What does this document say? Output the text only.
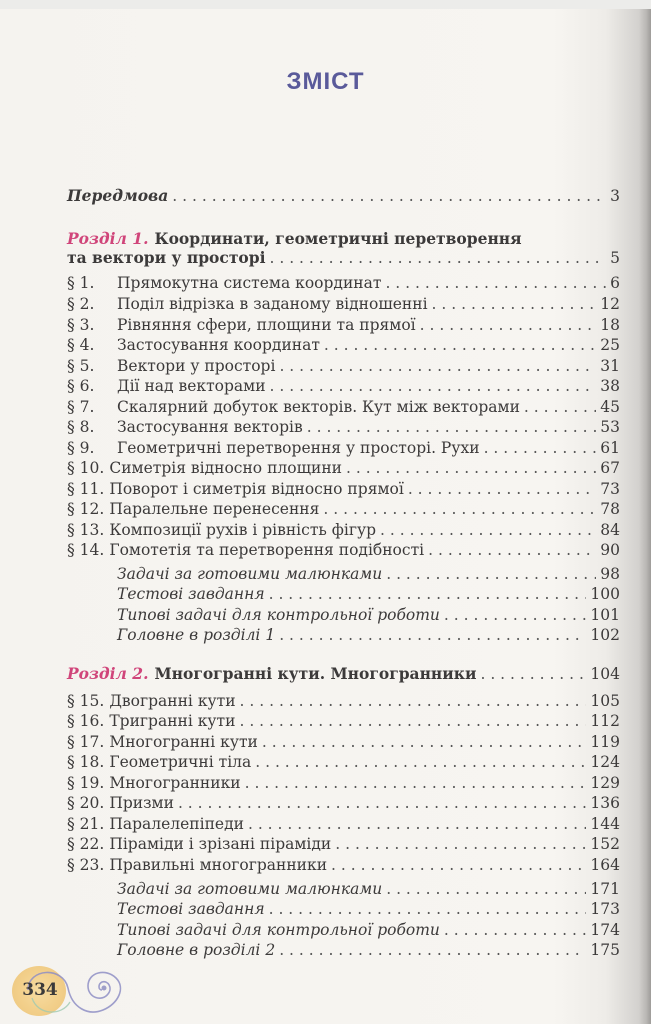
ЗМІСТ
Передмова . . .	3
Розділ 1. Координати, геометричні перетворення
та вектори у просторі . . .	5
§ 1.	Прямокутна система координат . . .	6
§ 2.	Поділ відрізка в заданому відношенні . . .	12
§ 3.	Рівняння сфери, площини та прямої . . .	18
§ 4.	Застосування координат . . .	25
§ 5.	Вектори у просторі . . .	31
§ 6.	Дії над векторами . . .	38
§ 7.	Скалярний добуток векторів. Кут між векторами . . .	45
§ 8.	Застосування векторів . . .	53
§ 9.	Геометричні перетворення у просторі. Рухи . . .	61
§ 10. Симетрія відносно площини . . .	67
§ 11. Поворот і симетрія відносно прямої . . .	73
§ 12. Паралельне перенесення . . .	78
§ 13. Композиції рухів і рівність фігур . . .	84
§ 14. Гомотетія та перетворення подібності . . .	90
Задачі за готовими малюнками . . .	98
Тестові завдання . . .	100
Типові задачі для контрольної роботи . . .	101
Головне в розділі 1 . . .	102
Розділ 2. Многогранні кути. Многогранники . . .	104
§ 15. Двогранні кути . . .	105
§ 16. Тригранні кути . . .	112
§ 17. Многогранні кути . . .	119
§ 18. Геометричні тіла . . .	124
§ 19. Многогранники . . .	129
§ 20. Призми . . .	136
§ 21. Паралелепіпеди . . .	144
§ 22. Піраміди і зрізані піраміди . . .	152
§ 23. Правильні многогранники . . .	164
Задачі за готовими малюнками . . .	171
Тестові завдання . . .	173
Типові задачі для контрольної роботи . . .	174
Головне в розділі 2 . . .	175
334
